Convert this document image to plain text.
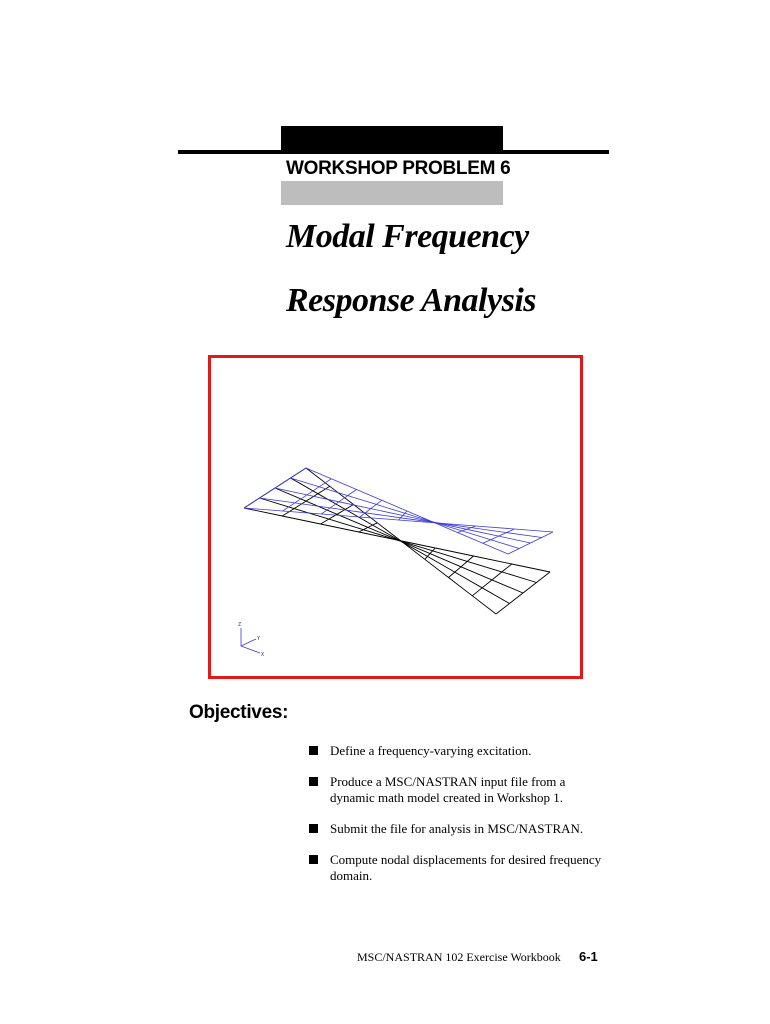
WORKSHOP PROBLEM 6
Modal Frequency
Response Analysis
Z
Y
X
Objectives:
Define a frequency-varying excitation.
Produce a MSC/NASTRAN input file from a dynamic math model created in Workshop 1.
Submit the file for analysis in MSC/NASTRAN.
Compute nodal displacements for desired frequency domain.
MSC/NASTRAN 102 Exercise Workbook 6-1
